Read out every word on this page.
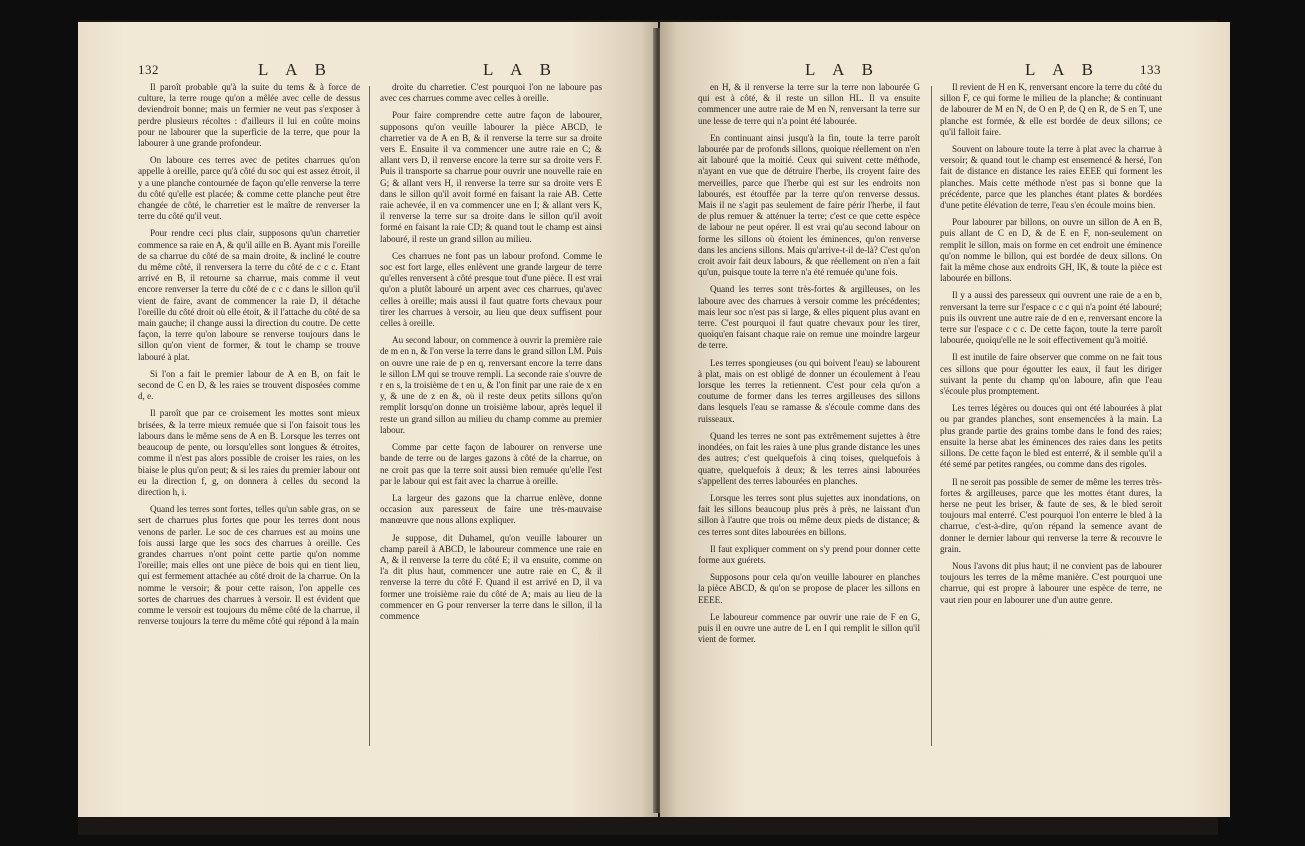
132	L A B	L A B

Il paroît probable qu'à la suite du tems & à force de culture, la terre rouge qu'on a mêlée avec celle de dessus deviendroit bonne; mais un fermier ne veut pas s'exposer à perdre plusieurs récoltes : d'ailleurs il lui en coûte moins pour ne labourer que la superficie de la terre, que pour la labourer à une grande profondeur.

On laboure ces terres avec de petites charrues qu'on appelle à oreille, parce qu'à côté du soc qui est assez étroit, il y a une planche contournée de façon qu'elle renverse la terre du côté qu'elle est placée; & comme cette planche peut être changée de côté, le charretier est le maître de renverser la terre du côté qu'il veut.

Pour rendre ceci plus clair, supposons qu'un charretier commence sa raie en A, & qu'il aille en B. Ayant mis l'oreille de sa charrue du côté de sa main droite, & incliné le coutre du même côté, il renversera la terre du côté de c c c. Etant arrivé en B, il retourne sa charrue, mais comme il veut encore renverser la terre du côté de c c c dans le sillon qu'il vient de faire, avant de commencer la raie D, il détache l'oreille du côté droit où elle étoit, & il l'attache du côté de sa main gauche; il change aussi la direction du coutre. De cette façon, la terre qu'on laboure se renverse toujours dans le sillon qu'on vient de former, & tout le champ se trouve labouré à plat.

Si l'on a fait le premier labour de A en B, on fait le second de C en D, & les raies se trouvent disposées comme d, e.

Il paroît que par ce croisement les mottes sont mieux brisées, & la terre mieux remuée que si l'on faisoit tous les labours dans le même sens de A en B. Lorsque les terres ont beaucoup de pente, ou lorsqu'elles sont longues & étroites, comme il n'est pas alors possible de croiser les raies, on les biaise le plus qu'on peut; & si les raies du premier labour ont eu la direction f, g, on donnera à celles du second la direction h, i.

Quand les terres sont fortes, telles qu'un sable gras, on se sert de charrues plus fortes que pour les terres dont nous venons de parler. Le soc de ces charrues est au moins une fois aussi large que les socs des charrues à oreille. Ces grandes charrues n'ont point cette partie qu'on nomme l'oreille; mais elles ont une pièce de bois qui en tient lieu, qui est fermement attachée au côté droit de la charrue. On la nomme le versoir; & pour cette raison, l'on appelle ces sortes de charrues des charrues à versoir. Il est évident que comme le versoir est toujours du même côté de la charrue, il renverse toujours la terre du même côté qui répond à la main

droite du charretier. C'est pourquoi l'on ne laboure pas avec ces charrues comme avec celles à oreille.

Pour faire comprendre cette autre façon de labourer, supposons qu'on veuille labourer la pièce ABCD, le charretier va de A en B, & il renverse la terre sur sa droite vers E. Ensuite il va commencer une autre raie en C; & allant vers D, il renverse encore la terre sur sa droite vers F. Puis il transporte sa charrue pour ouvrir une nouvelle raie en G; & allant vers H, il renverse la terre sur sa droite vers E dans le sillon qu'il avoit formé en faisant la raie AB. Cette raie achevée, il en va commencer une en I; & allant vers K, il renverse la terre sur sa droite dans le sillon qu'il avoit formé en faisant la raie CD; & quand tout le champ est ainsi labouré, il reste un grand sillon au milieu.

Ces charrues ne font pas un labour profond. Comme le soc est fort large, elles enlèvent une grande largeur de terre qu'elles renversent à côté presque tout d'une pièce. Il est vrai qu'on a plutôt labouré un arpent avec ces charrues, qu'avec celles à oreille; mais aussi il faut quatre forts chevaux pour tirer les charrues à versoir, au lieu que deux suffisent pour celles à oreille.

Au second labour, on commence à ouvrir la première raie de m en n, & l'on verse la terre dans le grand sillon LM. Puis on ouvre une raie de p en q, renversant encore la terre dans le sillon LM qui se trouve rempli. La seconde raie s'ouvre de r en s, la troisième de t en u, & l'on finit par une raie de x en y, & une de z en &, où il reste deux petits sillons qu'on remplit lorsqu'on donne un troisième labour, après lequel il reste un grand sillon au milieu du champ comme au premier labour.

Comme par cette façon de labourer on renverse une bande de terre ou de larges gazons à côté de la charrue, on ne croit pas que la terre soit aussi bien remuée qu'elle l'est par le labour qui est fait avec la charrue à oreille.

La largeur des gazons que la charrue enlève, donne occasion aux paresseux de faire une très-mauvaise manœuvre que nous allons expliquer.

Je suppose, dit Duhamel, qu'on veuille labourer un champ pareil à ABCD, le laboureur commence une raie en A, & il renverse la terre du côté E; il va ensuite, comme on l'a dit plus haut, commencer une autre raie en C, & il renverse la terre du côté F. Quand il est arrivé en D, il va former une troisième raie du côté de A; mais au lieu de la commencer en G pour renverser la terre dans le sillon, il la commence

L A B	L A B	133

en H, & il renverse la terre sur la terre non labourée G qui est à côté, & il reste un sillon HL. Il va ensuite commencer une autre raie de M en N, renversant la terre sur une lesse de terre qui n'a point été labourée.

En continuant ainsi jusqu'à la fin, toute la terre paroît labourée par de profonds sillons, quoique réellement on n'en ait labouré que la moitié. Ceux qui suivent cette méthode, n'ayant en vue que de détruire l'herbe, ils croyent faire des merveilles, parce que l'herbe qui est sur les endroits non labourés, est étouffée par la terre qu'on renverse dessus. Mais il ne s'agit pas seulement de faire périr l'herbe, il faut de plus remuer & atténuer la terre; c'est ce que cette espèce de labour ne peut opérer. Il est vrai qu'au second labour on forme les sillons où étoient les éminences, qu'on renverse dans les anciens sillons. Mais qu'arrive-t-il de-là? C'est qu'on croit avoir fait deux labours, & que réellement on n'en a fait qu'un, puisque toute la terre n'a été remuée qu'une fois.

Quand les terres sont très-fortes & argilleuses, on les laboure avec des charrues à versoir comme les précédentes; mais leur soc n'est pas si large, & elles piquent plus avant en terre. C'est pourquoi il faut quatre chevaux pour les tirer, quoiqu'en faisant chaque raie on remue une moindre largeur de terre.

Les terres spongieuses (ou qui boivent l'eau) se labourent à plat, mais on est obligé de donner un écoulement à l'eau lorsque les terres la retiennent. C'est pour cela qu'on a coutume de former dans les terres argilleuses des sillons dans lesquels l'eau se ramasse & s'écoule comme dans des ruisseaux.

Quand les terres ne sont pas extrêmement sujettes à être inondées, on fait les raies à une plus grande distance les unes des autres; c'est quelquefois à cinq toises, quelquefois à quatre, quelquefois à deux; & les terres ainsi labourées s'appellent des terres labourées en planches.

Lorsque les terres sont plus sujettes aux inondations, on fait les sillons beaucoup plus près à près, ne laissant d'un sillon à l'autre que trois ou même deux pieds de distance; & ces terres sont dites labourées en billons.

Il faut expliquer comment on s'y prend pour donner cette forme aux guérets.

Supposons pour cela qu'on veuille labourer en planches la pièce ABCD, & qu'on se propose de placer les sillons en EEEE.

Le laboureur commence par ouvrir une raie de F en G, puis il en ouvre une autre de L en I qui remplit le sillon qu'il vient de former.

Il revient de H en K, renversant encore la terre du côté du sillon F, ce qui forme le milieu de la planche; & continuant de labourer de M en N, de O en P, de Q en R, de S en T, une planche est formée, & elle est bordée de deux sillons; ce qu'il falloit faire.

Souvent on laboure toute la terre à plat avec la charrue à versoir; & quand tout le champ est ensemencé & hersé, l'on fait de distance en distance les raies EEEE qui forment les planches. Mais cette méthode n'est pas si bonne que la précédente, parce que les planches étant plates & bordées d'une petite élévation de terre, l'eau s'en écoule moins bien.

Pour labourer par billons, on ouvre un sillon de A en B, puis allant de C en D, & de E en F, non-seulement on remplit le sillon, mais on forme en cet endroit une éminence qu'on nomme le billon, qui est bordée de deux sillons. On fait la même chose aux endroits GH, IK, & toute la pièce est labourée en billons.

Il y a aussi des paresseux qui ouvrent une raie de a en b, renversant la terre sur l'espace c c c qui n'a point été labouré; puis ils ouvrent une autre raie de d en e, renversant encore la terre sur l'espace c c c. De cette façon, toute la terre paroît labourée, quoiqu'elle ne le soit effectivement qu'à moitié.

Il est inutile de faire observer que comme on ne fait tous ces sillons que pour égoutter les eaux, il faut les diriger suivant la pente du champ qu'on laboure, afin que l'eau s'écoule plus promptement.

Les terres légères ou douces qui ont été labourées à plat ou par grandes planches, sont ensemencées à la main. La plus grande partie des grains tombe dans le fond des raies; ensuite la herse abat les éminences des raies dans les petits sillons. De cette façon le bled est enterré, & il semble qu'il a été semé par petites rangées, ou comme dans des rigoles.

Il ne seroit pas possible de semer de même les terres très-fortes & argilleuses, parce que les mottes étant dures, la herse ne peut les briser, & faute de ses, & le bled seroit toujours mal enterré. C'est pourquoi l'on enterre le bled à la charrue, c'est-à-dire, qu'on répand la semence avant de donner le dernier labour qui renverse la terre & recouvre le grain.

Nous l'avons dit plus haut; il ne convient pas de labourer toujours les terres de la même manière. C'est pourquoi une charrue, qui est propre à labourer une espèce de terre, ne vaut rien pour en labourer une d'un autre genre.
